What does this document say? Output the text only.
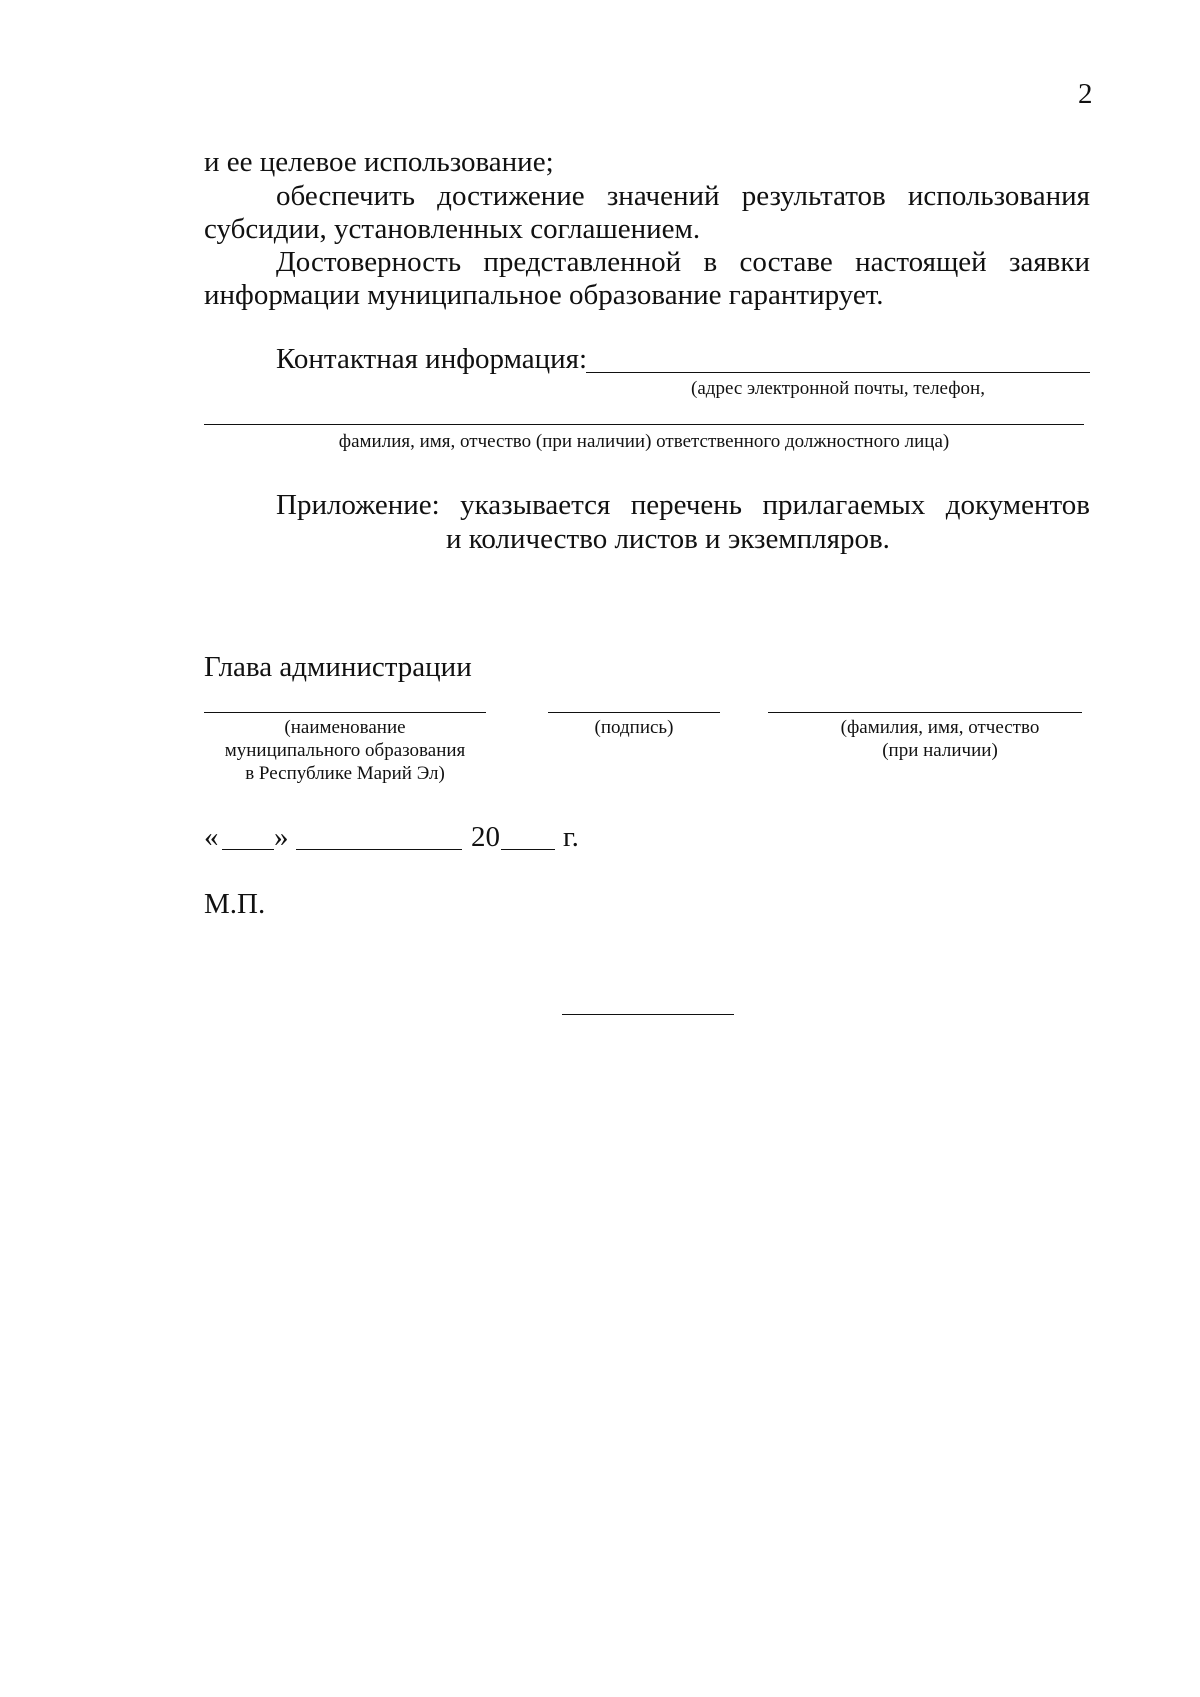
2
и ее целевое использование;
обеспечить достижение значений результатов использования
субсидии, установленных соглашением.
Достоверность представленной в составе настоящей заявки
информации муниципальное образование гарантирует.
Контактная информация:
(адрес электронной почты, телефон,
фамилия, имя, отчество (при наличии) ответственного должностного лица)
Приложение: указывается перечень прилагаемых документов
и количество листов и экземпляров.
Глава администрации
(наименование
муниципального образования
в Республике Марий Эл)
(подпись)	(фамилия, имя, отчество
(при наличии)
« »	20 г.
М.П.
